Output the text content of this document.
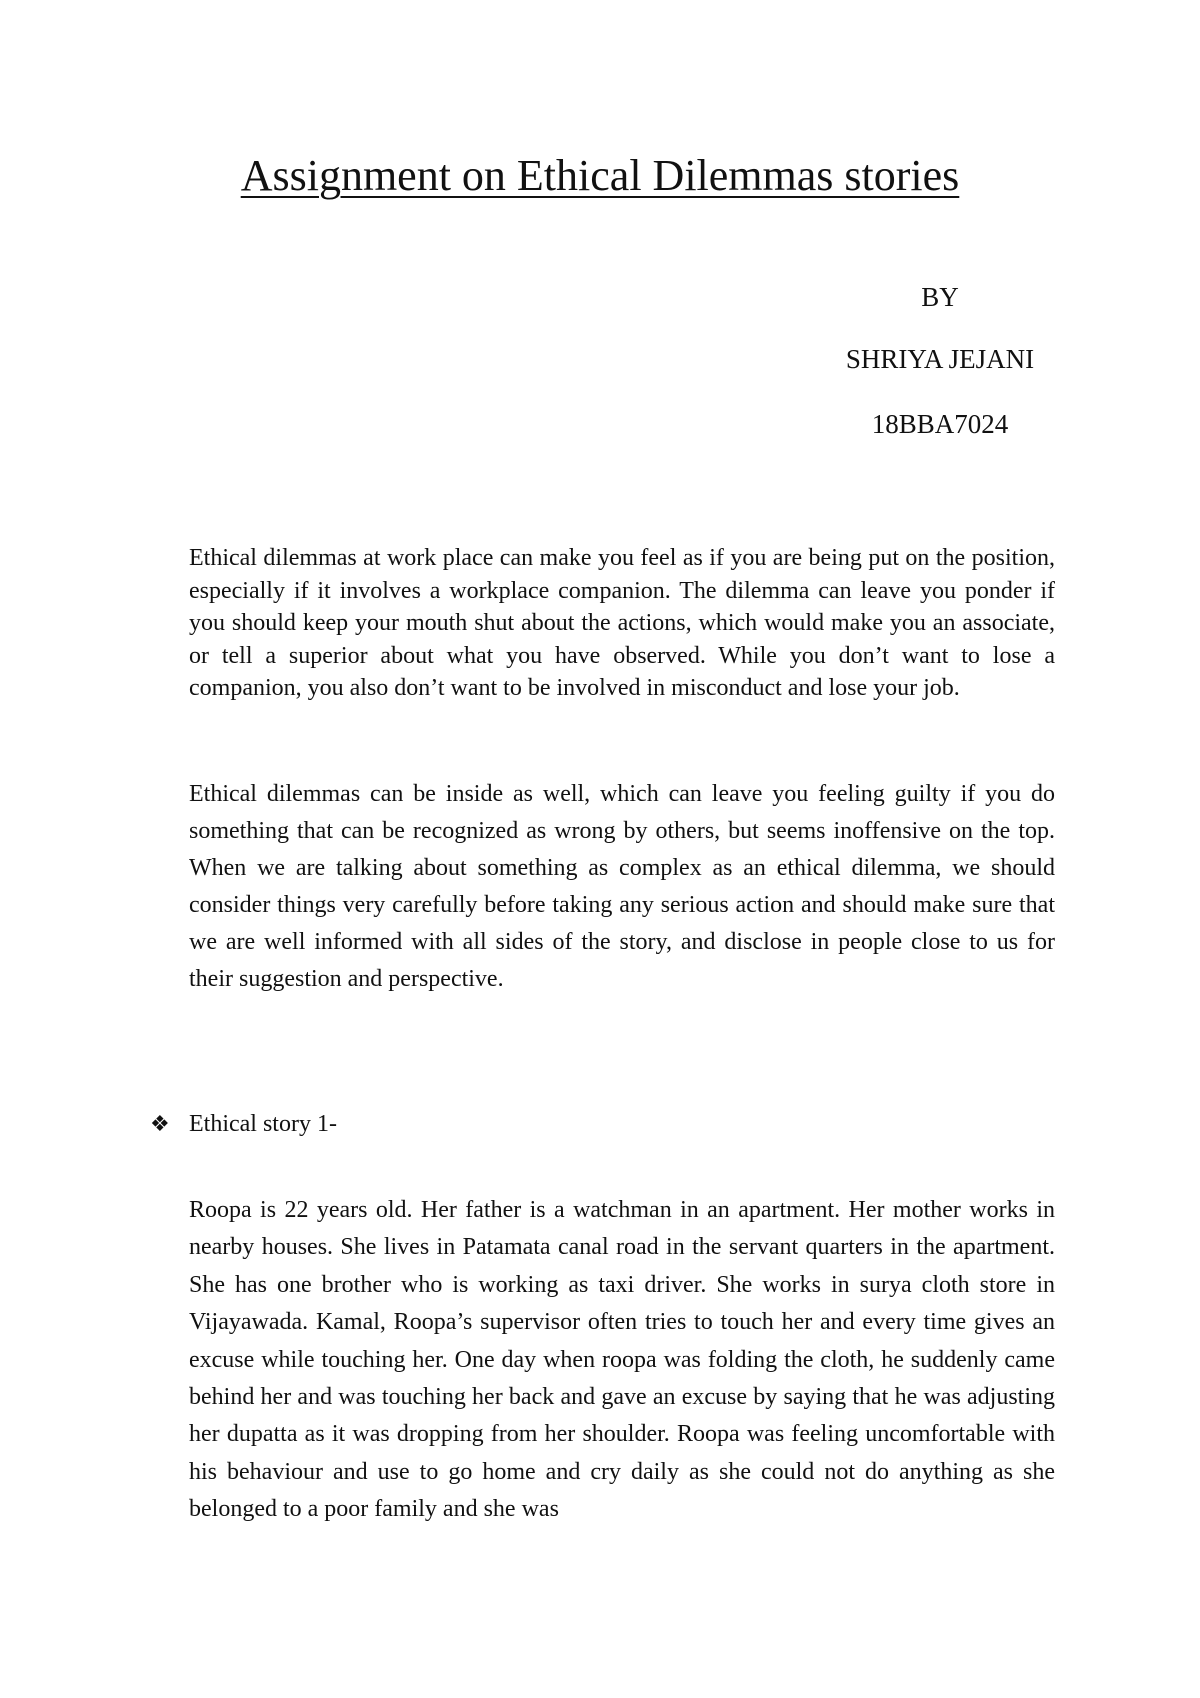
Assignment on Ethical Dilemmas stories
BY
SHRIYA JEJANI
18BBA7024

Ethical dilemmas at work place can make you feel as if you are being put on the position, especially if it involves a workplace companion. The dilemma can leave you ponder if you should keep your mouth shut about the actions, which would make you an associate, or tell a superior about what you have observed. While you don’t want to lose a companion, you also don’t want to be involved in misconduct and lose your job.

Ethical dilemmas can be inside as well, which can leave you feeling guilty if you do something that can be recognized as wrong by others, but seems inoffensive on the top. When we are talking about something as complex as an ethical dilemma, we should consider things very carefully before taking any serious action and should make sure that we are well informed with all sides of the story, and disclose in people close to us for their suggestion and perspective.

❖ Ethical story 1-

Roopa is 22 years old. Her father is a watchman in an apartment. Her mother works in nearby houses. She lives in Patamata canal road in the servant quarters in the apartment. She has one brother who is working as taxi driver. She works in surya cloth store in Vijayawada. Kamal, Roopa’s supervisor often tries to touch her and every time gives an excuse while touching her. One day when roopa was folding the cloth, he suddenly came behind her and was touching her back and gave an excuse by saying that he was adjusting her dupatta as it was dropping from her shoulder. Roopa was feeling uncomfortable with his behaviour and use to go home and cry daily as she could not do anything as she belonged to a poor family and she was
